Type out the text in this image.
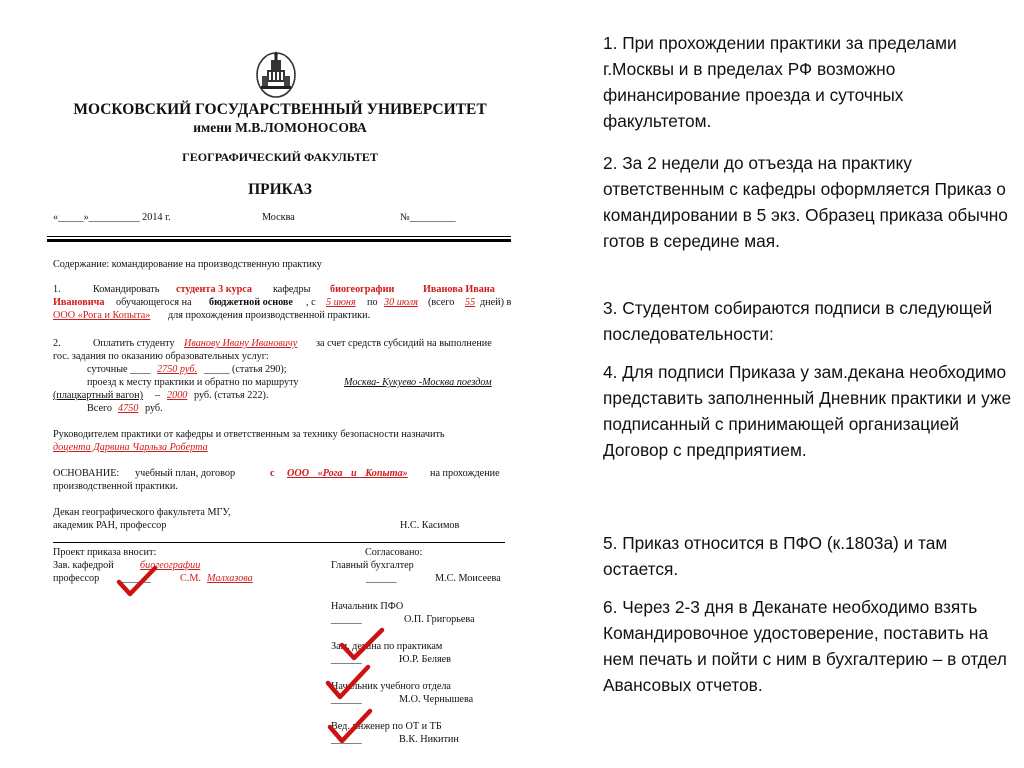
МОСКОВСКИЙ ГОСУДАРСТВЕННЫЙ УНИВЕРСИТЕТ
имени М.В.ЛОМОНОСОВА
ГЕОГРАФИЧЕСКИЙ ФАКУЛЬТЕТ
ПРИКАЗ
«_____»__________ 2014 г.	Москва	№_________
Содержание: командирование на производственную практику
1.	Командировать студента 3 курса кафедры биогеографии	Иванова Ивана
Ивановича обучающегося на бюджетной основе , с 5 июня по 30 июля (всего 55 дней) в
ООО «Рога и Копыта» для прохождения производственной практики.
2.	Оплатить студенту Иванову Ивану Ивановичу за счет средств субсидий на выполнение
гос. задания по оказанию образовательных услуг:
суточные ____ 2750 руб. _____ (статья 290);
проезд к месту практики и обратно по маршруту	Москва- Кукуево -Москва поездом
(плацкартный вагон) – 2000 руб. (статья 222).
Всего 4750 руб.
Руководителем практики от кафедры и ответственным за технику безопасности назначить
доцента Дарвина Чарльза Роберта
ОСНОВАНИЕ: учебный план, договор	с ООО «Рога и Копыта» на прохождение
производственной практики.
Декан географического факультета МГУ,
академик РАН, профессор	Н.С. Касимов
Проект приказа вносит:
Зав. кафедрой	биогеографии
профессор ______	С.М. Малхазова
Согласовано:
Главный бухгалтер
______	М.С. Моисеева
Начальник ПФО
______	О.П. Григорьева
Зам. декана по практикам
______	Ю.Р. Беляев
Начальник учебного отдела
______	М.О. Чернышева
Вед. инженер по ОТ и ТБ
______	В.К. Никитин
1. При прохождении практики за пределами г.Москвы и в пределах РФ возможно финансирование проезда и суточных факультетом.
2. За 2 недели до отъезда на практику ответственным с кафедры оформляется Приказ о командировании в 5 экз. Образец приказа обычно готов в середине мая.
3. Студентом собираются подписи в следующей последовательности:
4. Для подписи Приказа у зам.декана необходимо представить заполненный Дневник практики и уже подписанный с принимающей организацией Договор с предприятием.
5. Приказ относится в ПФО (к.1803а) и там остается.
6. Через 2-3 дня в Деканате необходимо взять Командировочное удостоверение, поставить на нем печать и пойти с ним в бухгалтерию – в отдел Авансовых отчетов.
